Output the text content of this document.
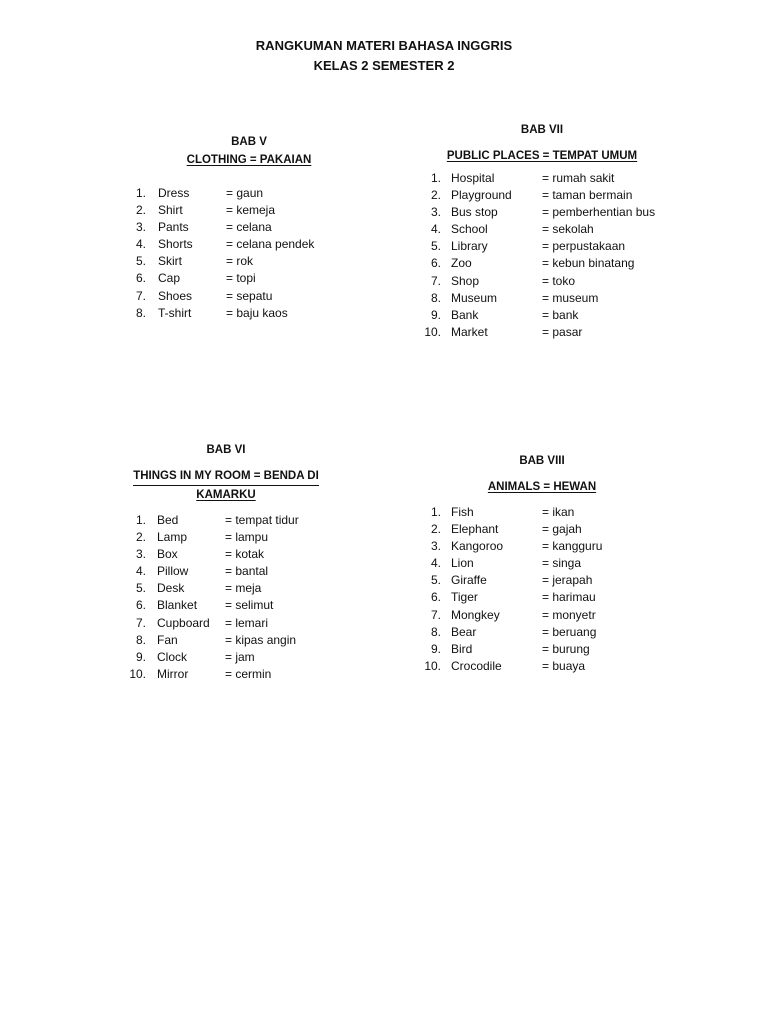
RANGKUMAN MATERI BAHASA INGGRIS
KELAS 2 SEMESTER 2
BAB V
CLOTHING = PAKAIAN
1. Dress	= gaun
2. Shirt	= kemeja
3. Pants	= celana
4. Shorts	= celana pendek
5. Skirt	= rok
6. Cap	= topi
7. Shoes	= sepatu
8. T-shirt	= baju kaos
BAB VII
PUBLIC PLACES = TEMPAT UMUM
1. Hospital	= rumah sakit
2. Playground	= taman bermain
3. Bus stop	= pemberhentian bus
4. School	= sekolah
5. Library	= perpustakaan
6. Zoo	= kebun binatang
7. Shop	= toko
8. Museum	= museum
9. Bank	= bank
10. Market	= pasar
BAB VI
THINGS IN MY ROOM = BENDA DI
KAMARKU
1. Bed	= tempat tidur
2. Lamp	= lampu
3. Box	= kotak
4. Pillow	= bantal
5. Desk	= meja
6. Blanket	= selimut
7. Cupboard	= lemari
8. Fan	= kipas angin
9. Clock	= jam
10. Mirror	= cermin
BAB VIII
ANIMALS = HEWAN
1. Fish	= ikan
2. Elephant	= gajah
3. Kangoroo	= kangguru
4. Lion	= singa
5. Giraffe	= jerapah
6. Tiger	= harimau
7. Mongkey	= monyetr
8. Bear	= beruang
9. Bird	= burung
10. Crocodile	= buaya
